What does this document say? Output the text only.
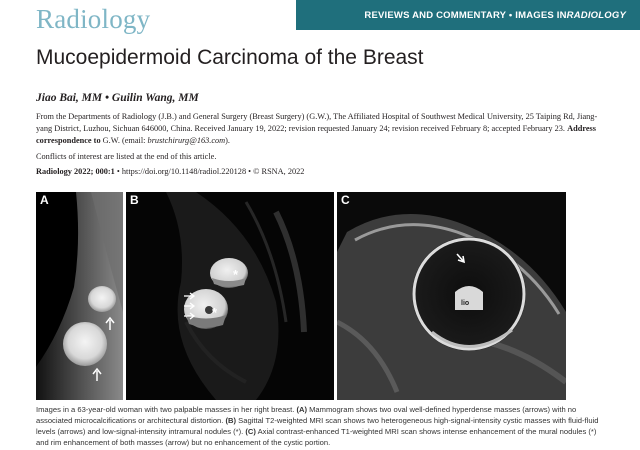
Radiology	REVIEWS AND COMMENTARY • IMAGES IN RADIOLOGY
Mucoepidermoid Carcinoma of the Breast
Jiao Bai, MM • Guilin Wang, MM
From the Departments of Radiology (J.B.) and General Surgery (Breast Surgery) (G.W.), The Affiliated Hospital of Southwest Medical University, 25 Taiping Rd, Jiang-yang District, Luzhou, Sichuan 646000, China. Received January 19, 2022; revision requested January 24; revision received February 8; accepted February 23. Address correspondence to G.W. (email: brustchirurg@163.com).
Conflicts of interest are listed at the end of this article.
Radiology 2022; 000:1 • https://doi.org/10.1148/radiol.220128 • © RSNA, 2022
A
*
*
B
lio
C
Images in a 63-year-old woman with two palpable masses in her right breast. (A) Mammogram shows two oval well-defined hyperdense masses (arrows) with no associated microcalcifications or architectural distortion. (B) Sagittal T2-weighted MRI scan shows two heterogeneous high-signal-intensity cystic masses with fluid-fluid levels (arrows) and low-signal-intensity intramural nodules (*). (C) Axial contrast-enhanced T1-weighted MRI scan shows intense enhancement of the mural nodules (*) and rim enhancement of both masses (arrow) but no enhancement of the cystic portion.
